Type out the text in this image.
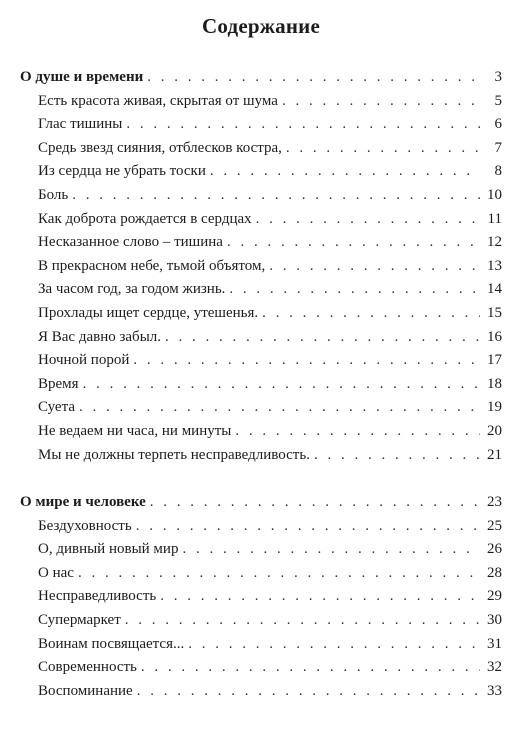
Содержание
О душе и времени . . .	3
Есть красота живая, скрытая от шума . . .	5
Глас тишины . . .	6
Средь звезд сияния, отблесков костра, . . .	7
Из сердца не убрать тоски . . .	8
Боль . . .	10
Как доброта рождается в сердцах . . .	11
Несказанное слово – тишина . . .	12
В прекрасном небе, тьмой объятом, . . .	13
За часом год, за годом жизнь. . . .	14
Прохлады ищет сердце, утешенья. . . .	15
Я Вас давно забыл. . . .	16
Ночной порой . . .	17
Время . . .	18
Суета . . .	19
Не ведаем ни часа, ни минуты . . .	20
Мы не должны терпеть несправедливость. . . .	21
О мире и человеке . . .	23
Бездуховность . . .	25
О, дивный новый мир . . .	26
О нас . . .	28
Несправедливость . . .	29
Супермаркет . . .	30
Воинам посвящается... . . .	31
Современность . . .	32
Воспоминание . . .	33
